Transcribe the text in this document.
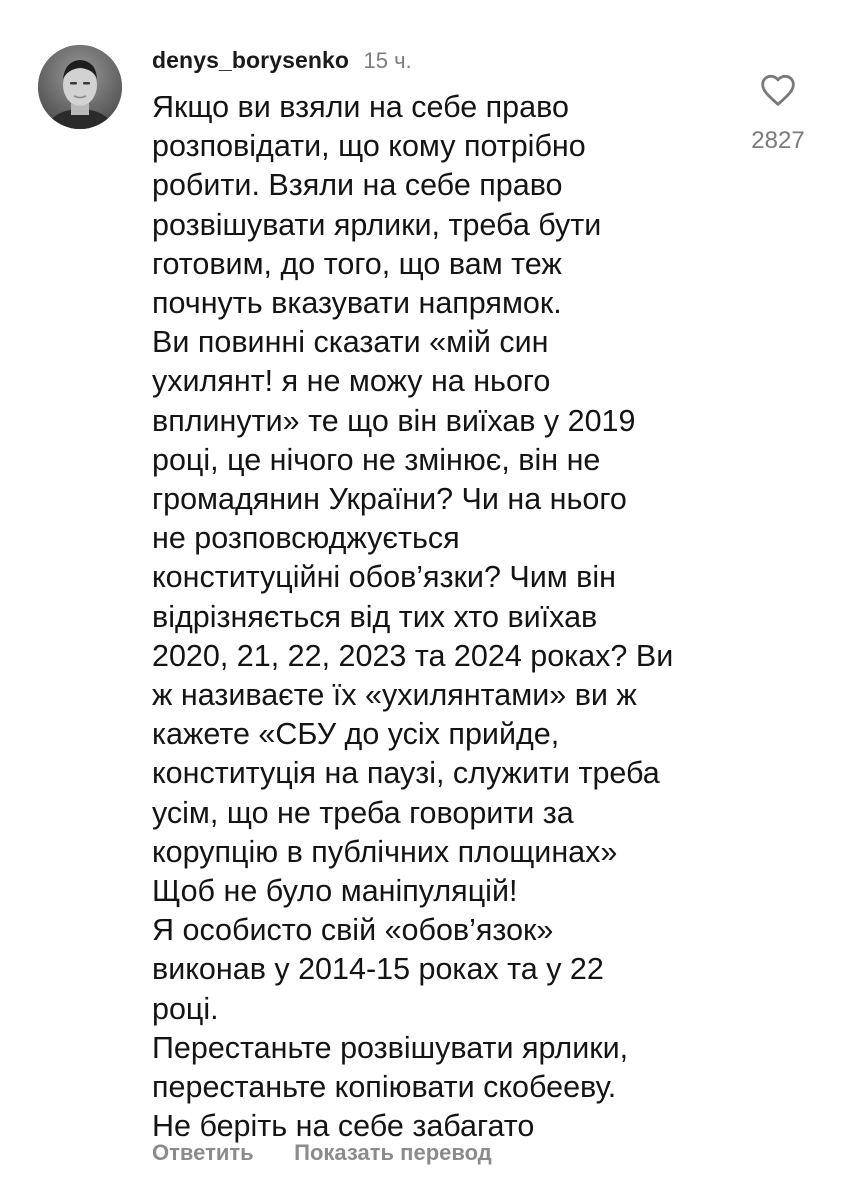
denys_borysenko 15 ч.

Якщо ви взяли на себе право
розповідати, що кому потрібно
робити. Взяли на себе право
розвішувати ярлики, треба бути
готовим, до того, що вам теж
почнуть вказувати напрямок.
Ви повинні сказати «мій син
ухилянт! я не можу на нього
вплинути» те що він виїхав у 2019
році, це нічого не змінює, він не
громадянин України? Чи на нього
не розповсюджується
конституційні обов’язки? Чим він
відрізняється від тих хто виїхав
2020, 21, 22, 2023 та 2024 роках? Ви
ж називаєте їх «ухилянтами» ви ж
кажете «СБУ до усіх прийде,
конституція на паузі, служити треба
усім, що не треба говорити за
корупцію в публічних площинах»
Щоб не було маніпуляцій!
Я особисто свій «обов’язок»
виконав у 2014-15 роках та у 22
році.
Перестаньте розвішувати ярлики,
перестаньте копіювати скобееву.
Не беріть на себе забагато

2827
Ответить Показать перевод
